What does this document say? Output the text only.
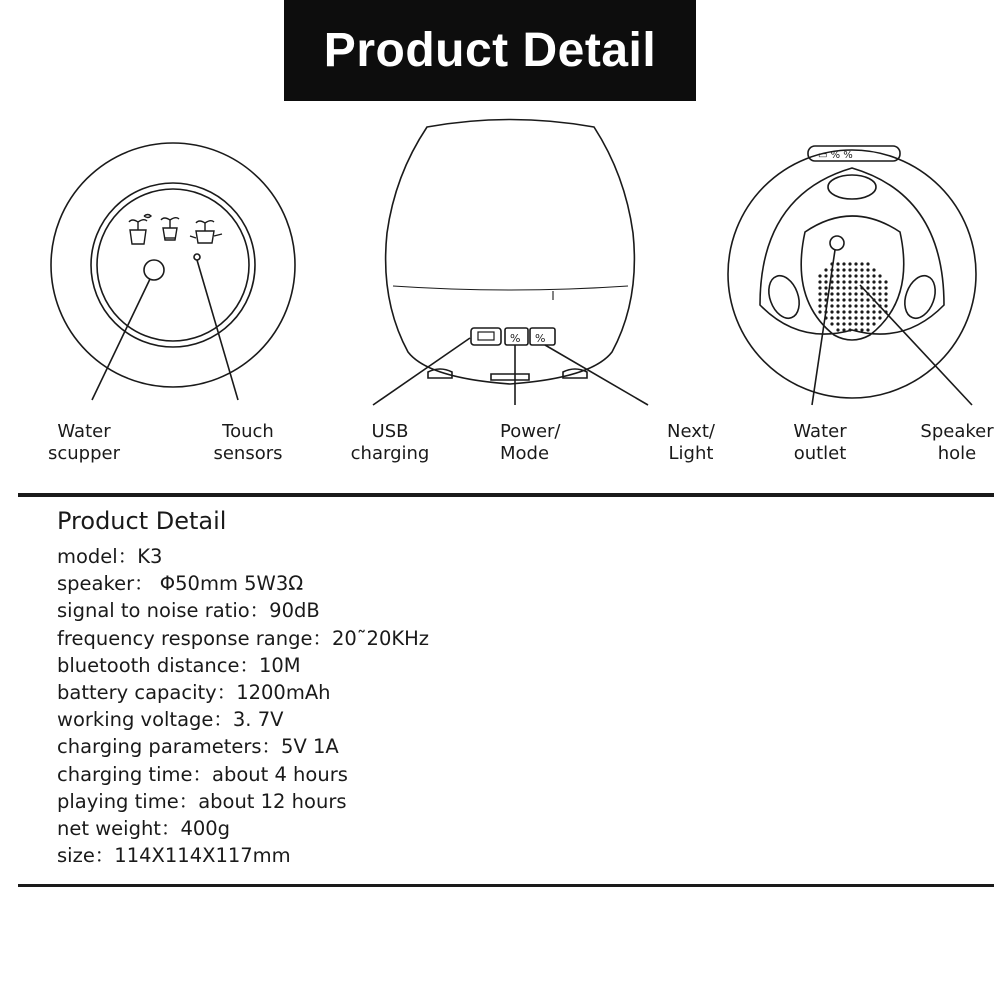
Product Detail
% %
▭ % %
Water
scupper
Touch
sensors
USB
charging
Power/
Mode
Next/
Light
Water
outlet
Speaker
hole
Product Detail
model：K3
speaker： Φ50mm 5W3Ω
signal to noise ratio：90dB
frequency response range：20˜20KHz
bluetooth distance：10M
battery capacity：1200mAh
working voltage：3. 7V
charging parameters：5V 1A
charging time：about 4 hours
playing time：about 12 hours
net weight：400g
size：114X114X117mm
